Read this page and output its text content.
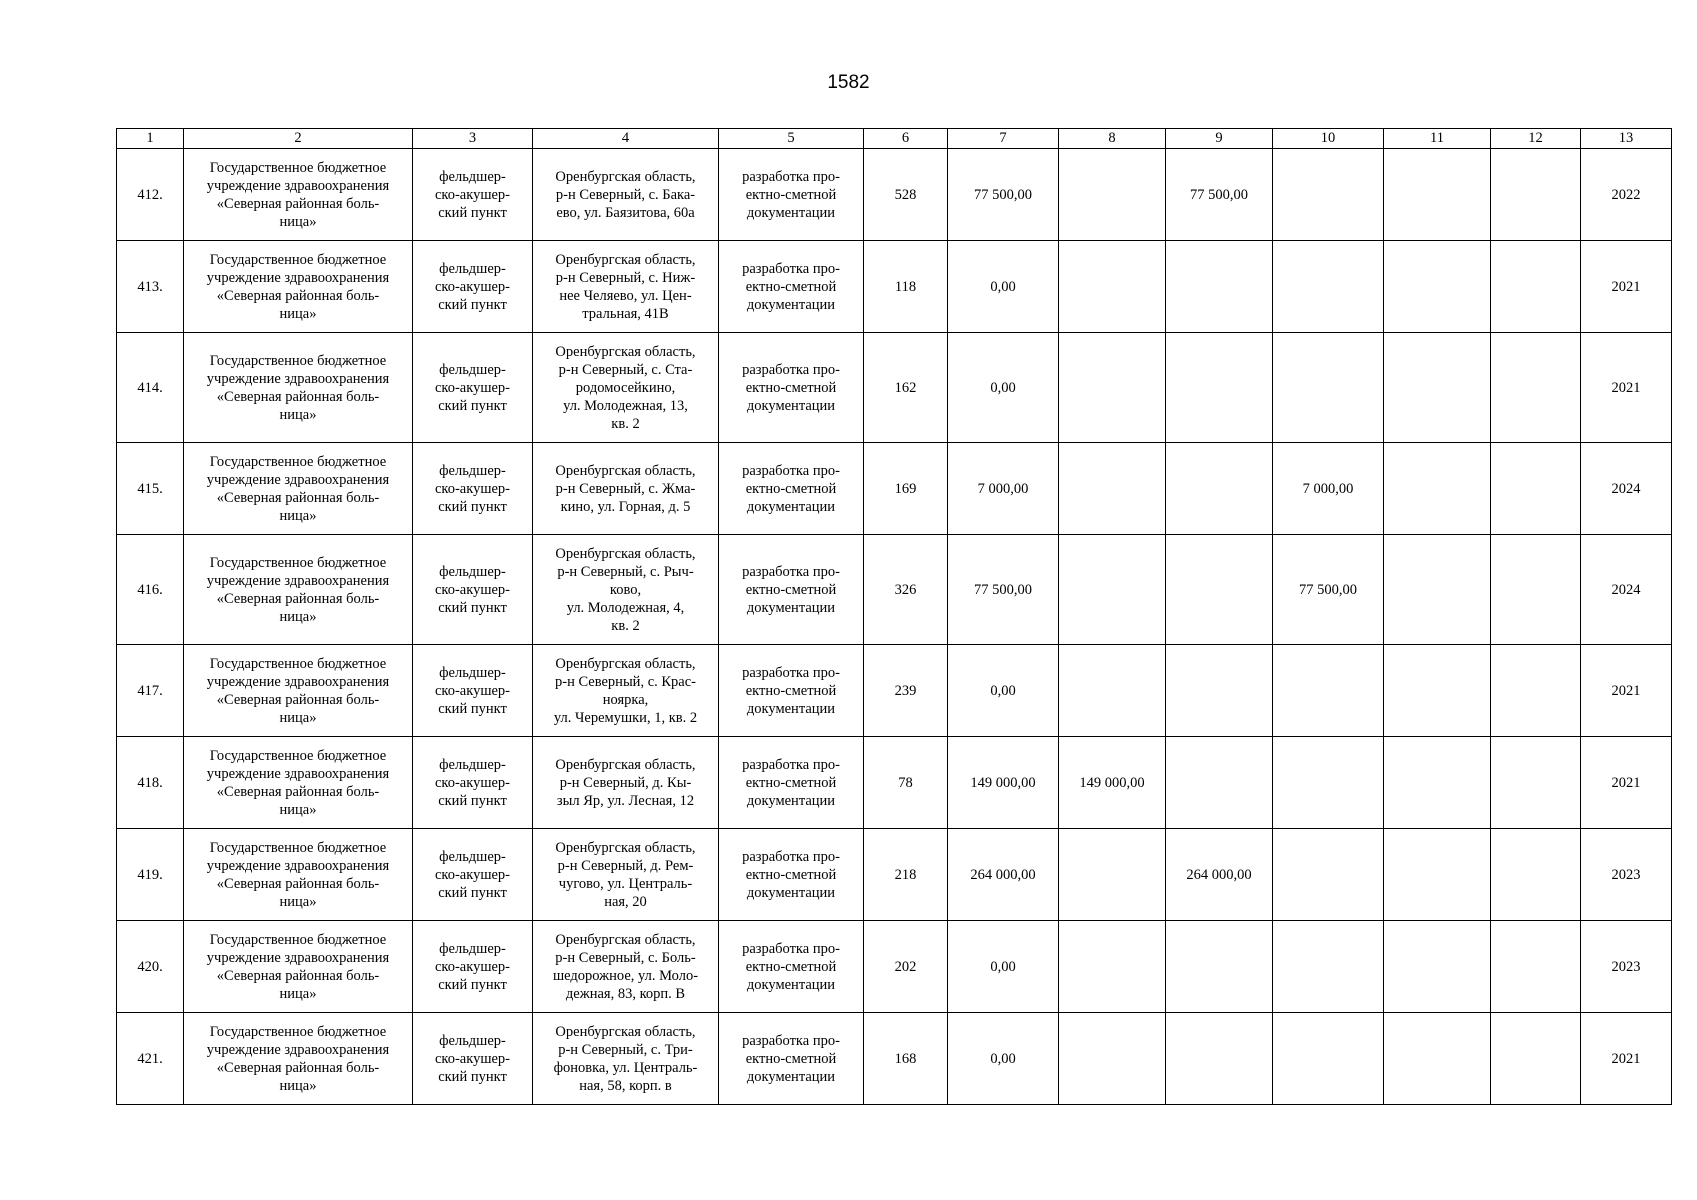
1582
1	2	3	4	5	6	7	8	9	10	11	12	13
412.	Государственное бюджетное
учреждение здравоохранения
«Северная районная боль-
ница»	фельдшер-
ско-акушер-
ский пункт	Оренбургская область,
р-н Северный, с. Бака-
ево, ул. Баязитова, 60а	разработка про-
ектно-сметной
документации	528	77 500,00		77 500,00				2022
413.	Государственное бюджетное
учреждение здравоохранения
«Северная районная боль-
ница»	фельдшер-
ско-акушер-
ский пункт	Оренбургская область,
р-н Северный, с. Ниж-
нее Челяево, ул. Цен-
тральная, 41В	разработка про-
ектно-сметной
документации	118	0,00						2021
414.	Государственное бюджетное
учреждение здравоохранения
«Северная районная боль-
ница»	фельдшер-
ско-акушер-
ский пункт	Оренбургская область,
р-н Северный, с. Ста-
родомосейкино,
ул. Молодежная, 13,
кв. 2	разработка про-
ектно-сметной
документации	162	0,00						2021
415.	Государственное бюджетное
учреждение здравоохранения
«Северная районная боль-
ница»	фельдшер-
ско-акушер-
ский пункт	Оренбургская область,
р-н Северный, с. Жма-
кино, ул. Горная, д. 5	разработка про-
ектно-сметной
документации	169	7 000,00			7 000,00			2024
416.	Государственное бюджетное
учреждение здравоохранения
«Северная районная боль-
ница»	фельдшер-
ско-акушер-
ский пункт	Оренбургская область,
р-н Северный, с. Рыч-
ково,
ул. Молодежная, 4,
кв. 2	разработка про-
ектно-сметной
документации	326	77 500,00			77 500,00			2024
417.	Государственное бюджетное
учреждение здравоохранения
«Северная районная боль-
ница»	фельдшер-
ско-акушер-
ский пункт	Оренбургская область,
р-н Северный, с. Крас-
ноярка,
ул. Черемушки, 1, кв. 2	разработка про-
ектно-сметной
документации	239	0,00						2021
418.	Государственное бюджетное
учреждение здравоохранения
«Северная районная боль-
ница»	фельдшер-
ско-акушер-
ский пункт	Оренбургская область,
р-н Северный, д. Кы-
зыл Яр, ул. Лесная, 12	разработка про-
ектно-сметной
документации	78	149 000,00	149 000,00					2021
419.	Государственное бюджетное
учреждение здравоохранения
«Северная районная боль-
ница»	фельдшер-
ско-акушер-
ский пункт	Оренбургская область,
р-н Северный, д. Рем-
чугово, ул. Централь-
ная, 20	разработка про-
ектно-сметной
документации	218	264 000,00		264 000,00				2023
420.	Государственное бюджетное
учреждение здравоохранения
«Северная районная боль-
ница»	фельдшер-
ско-акушер-
ский пункт	Оренбургская область,
р-н Северный, с. Боль-
шедорожное, ул. Моло-
дежная, 83, корп. В	разработка про-
ектно-сметной
документации	202	0,00						2023
421.	Государственное бюджетное
учреждение здравоохранения
«Северная районная боль-
ница»	фельдшер-
ско-акушер-
ский пункт	Оренбургская область,
р-н Северный, с. Три-
фоновка, ул. Централь-
ная, 58, корп. в	разработка про-
ектно-сметной
документации	168	0,00						2021
